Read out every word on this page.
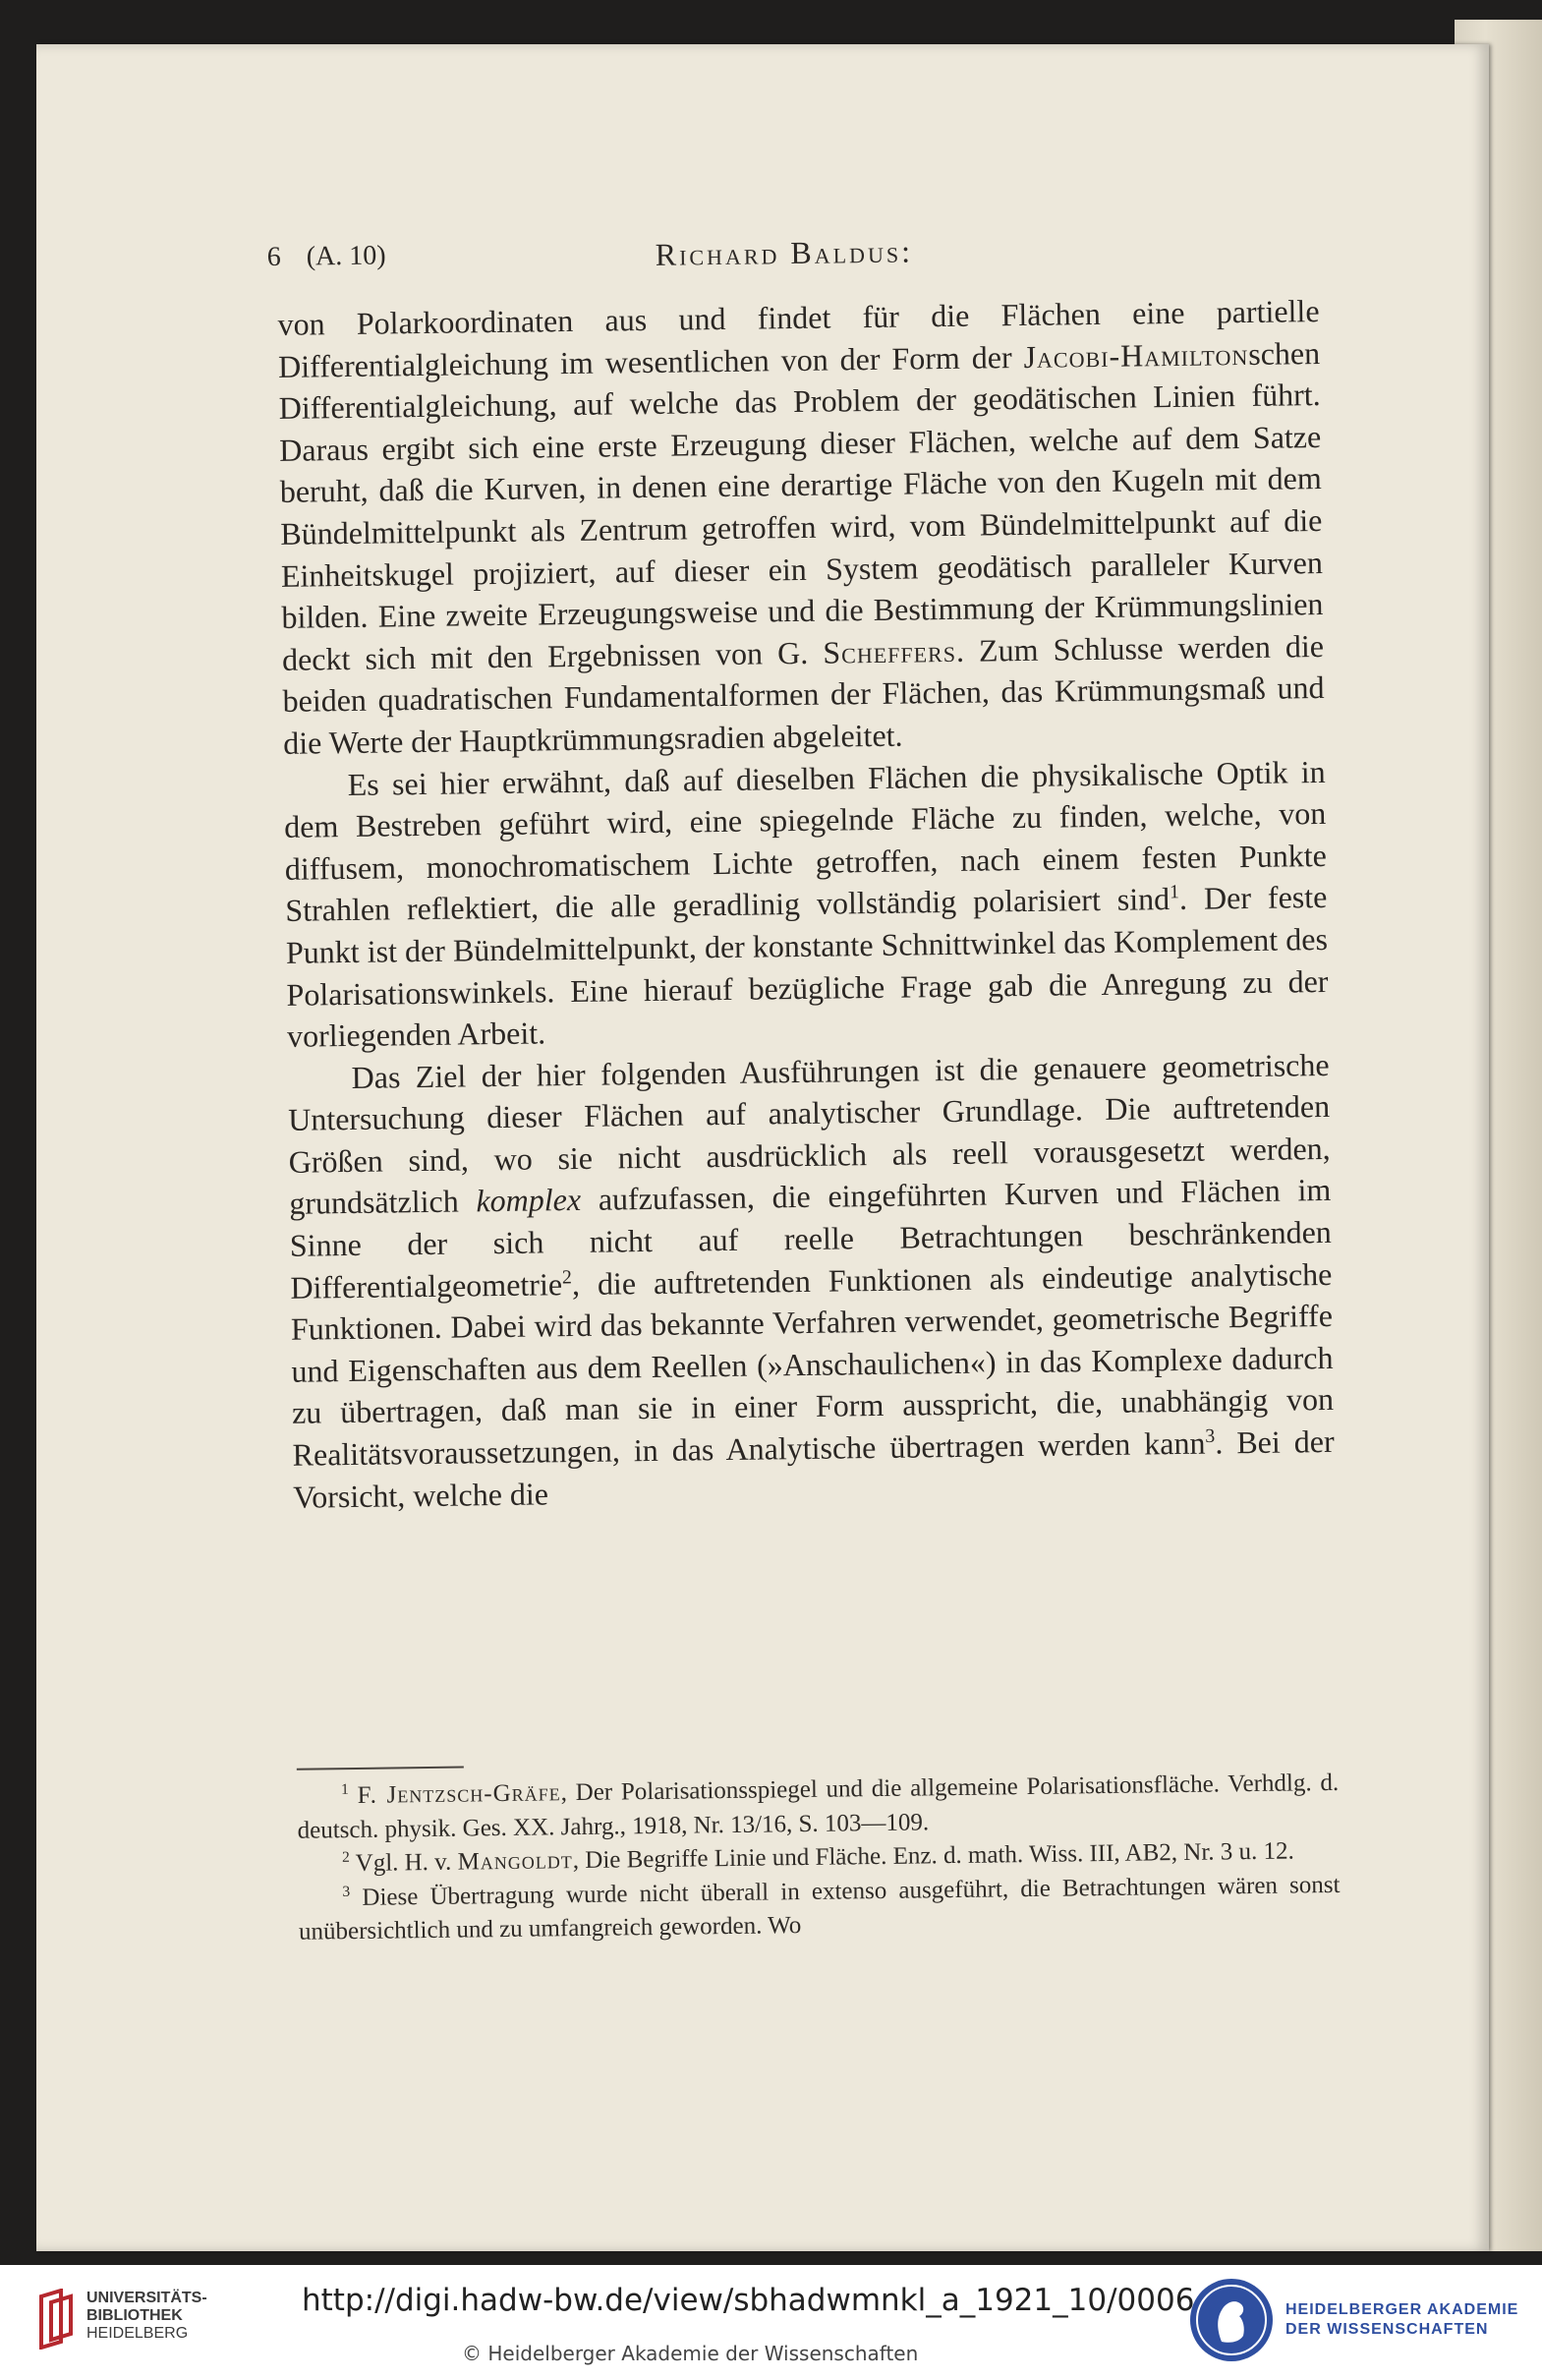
6 (A. 10)	Richard Baldus:

von Polarkoordinaten aus und findet für die Flächen eine partielle Differentialgleichung im wesentlichen von der Form der Jacobi-Hamiltonschen Differentialgleichung, auf welche das Problem der geodätischen Linien führt. Daraus ergibt sich eine erste Erzeugung dieser Flächen, welche auf dem Satze beruht, daß die Kurven, in denen eine derartige Fläche von den Kugeln mit dem Bündelmittelpunkt als Zentrum getroffen wird, vom Bündelmittelpunkt auf die Einheitskugel projiziert, auf dieser ein System geodätisch paralleler Kurven bilden. Eine zweite Erzeugungsweise und die Bestimmung der Krümmungslinien deckt sich mit den Ergebnissen von G. Scheffers. Zum Schlusse werden die beiden quadratischen Fundamentalformen der Flächen, das Krümmungsmaß und die Werte der Hauptkrümmungsradien abgeleitet.

Es sei hier erwähnt, daß auf dieselben Flächen die physikalische Optik in dem Bestreben geführt wird, eine spiegelnde Fläche zu finden, welche, von diffusem, monochromatischem Lichte getroffen, nach einem festen Punkte Strahlen reflektiert, die alle geradlinig vollständig polarisiert sind$^1$. Der feste Punkt ist der Bündelmittelpunkt, der konstante Schnittwinkel das Komplement des Polarisationswinkels. Eine hierauf bezügliche Frage gab die Anregung zu der vorliegenden Arbeit.

Das Ziel der hier folgenden Ausführungen ist die genauere geometrische Untersuchung dieser Flächen auf analytischer Grundlage. Die auftretenden Größen sind, wo sie nicht ausdrücklich als reell vorausgesetzt werden, grundsätzlich komplex aufzufassen, die eingeführten Kurven und Flächen im Sinne der sich nicht auf reelle Betrachtungen beschränkenden Differentialgeometrie$^2$, die auftretenden Funktionen als eindeutige analytische Funktionen. Dabei wird das bekannte Verfahren verwendet, geometrische Begriffe und Eigenschaften aus dem Reellen (»Anschaulichen«) in das Komplexe dadurch zu übertragen, daß man sie in einer Form ausspricht, die, unabhängig von Realitätsvoraussetzungen, in das Analytische übertragen werden kann$^3$. Bei der Vorsicht, welche die

$^1$ F. Jentzsch-Gräfe, Der Polarisationsspiegel und die allgemeine Polarisationsfläche. Verhdlg. d. deutsch. physik. Ges. XX. Jahrg., 1918, Nr. 13/16, S. 103—109.

$^2$ Vgl. H. v. Mangoldt, Die Begriffe Linie und Fläche. Enz. d. math. Wiss. III, AB2, Nr. 3 u. 12.

$^3$ Diese Übertragung wurde nicht überall in extenso ausgeführt, die Betrachtungen wären sonst unübersichtlich und zu umfangreich geworden. Wo

UNIVERSITÄTS-
BIBLIOTHEK
HEIDELBERG
http://digi.hadw-bw.de/view/sbhadwmnkl_a_1921_10/0006
© Heidelberger Akademie der Wissenschaften
HEIDELBERGER AKADEMIE
DER WISSENSCHAFTEN
